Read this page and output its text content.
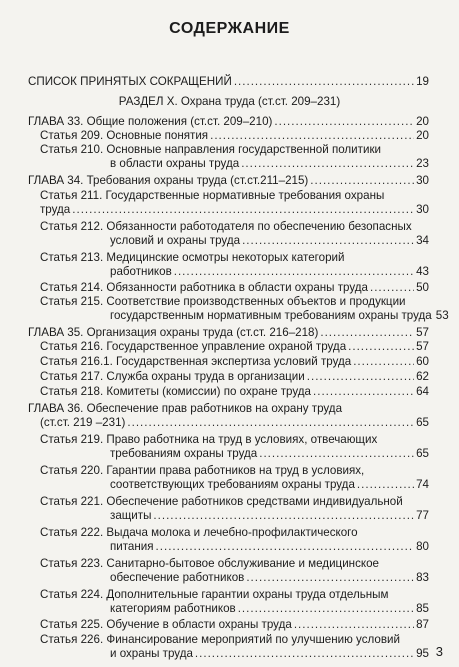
СОДЕРЖАНИЕ
СПИСОК ПРИНЯТЫХ СОКРАЩЕНИЙ .....	19
РАЗДЕЛ X. Охрана труда (ст.ст. 209–231)
ГЛАВА 33. Общие положения (ст.ст. 209–210) .....	20
Статья 209. Основные понятия .....	20
Статья 210. Основные направления государственной политики
в области охраны труда .....	23
ГЛАВА 34. Требования охраны труда (ст.ст.211–215) .....	30
Статья 211. Государственные нормативные требования охраны
труда .....	30
Статья 212. Обязанности работодателя по обеспечению безопасных
условий и охраны труда .....	34
Статья 213. Медицинские осмотры некоторых категорий
работников .....	43
Статья 214. Обязанности работника в области охраны труда .....	50
Статья 215. Соответствие производственных объектов и продукции
государственным нормативным требованиям охраны труда 53
ГЛАВА 35. Организация охраны труда (ст.ст. 216–218) .....	57
Статья 216. Государственное управление охраной труда .....	57
Статья 216.1. Государственная экспертиза условий труда .....	60
Статья 217. Служба охраны труда в организации .....	62
Статья 218. Комитеты (комиссии) по охране труда .....	64
ГЛАВА 36. Обеспечение прав работников на охрану труда
(ст.ст. 219 –231) .....	65
Статья 219. Право работника на труд в условиях, отвечающих
требованиям охраны труда .....	65
Статья 220. Гарантии права работников на труд в условиях,
соответствующих требованиям охраны труда .....	74
Статья 221. Обеспечение работников средствами индивидуальной
защиты .....	77
Статья 222. Выдача молока и лечебно-профилактического
питания .....	80
Статья 223. Санитарно-бытовое обслуживание и медицинское
обеспечение работников .....	83
Статья 224. Дополнительные гарантии охраны труда отдельным
категориям работников .....	85
Статья 225. Обучение в области охраны труда .....	87
Статья 226. Финансирование мероприятий по улучшению условий
и охраны труда .....	95 3
